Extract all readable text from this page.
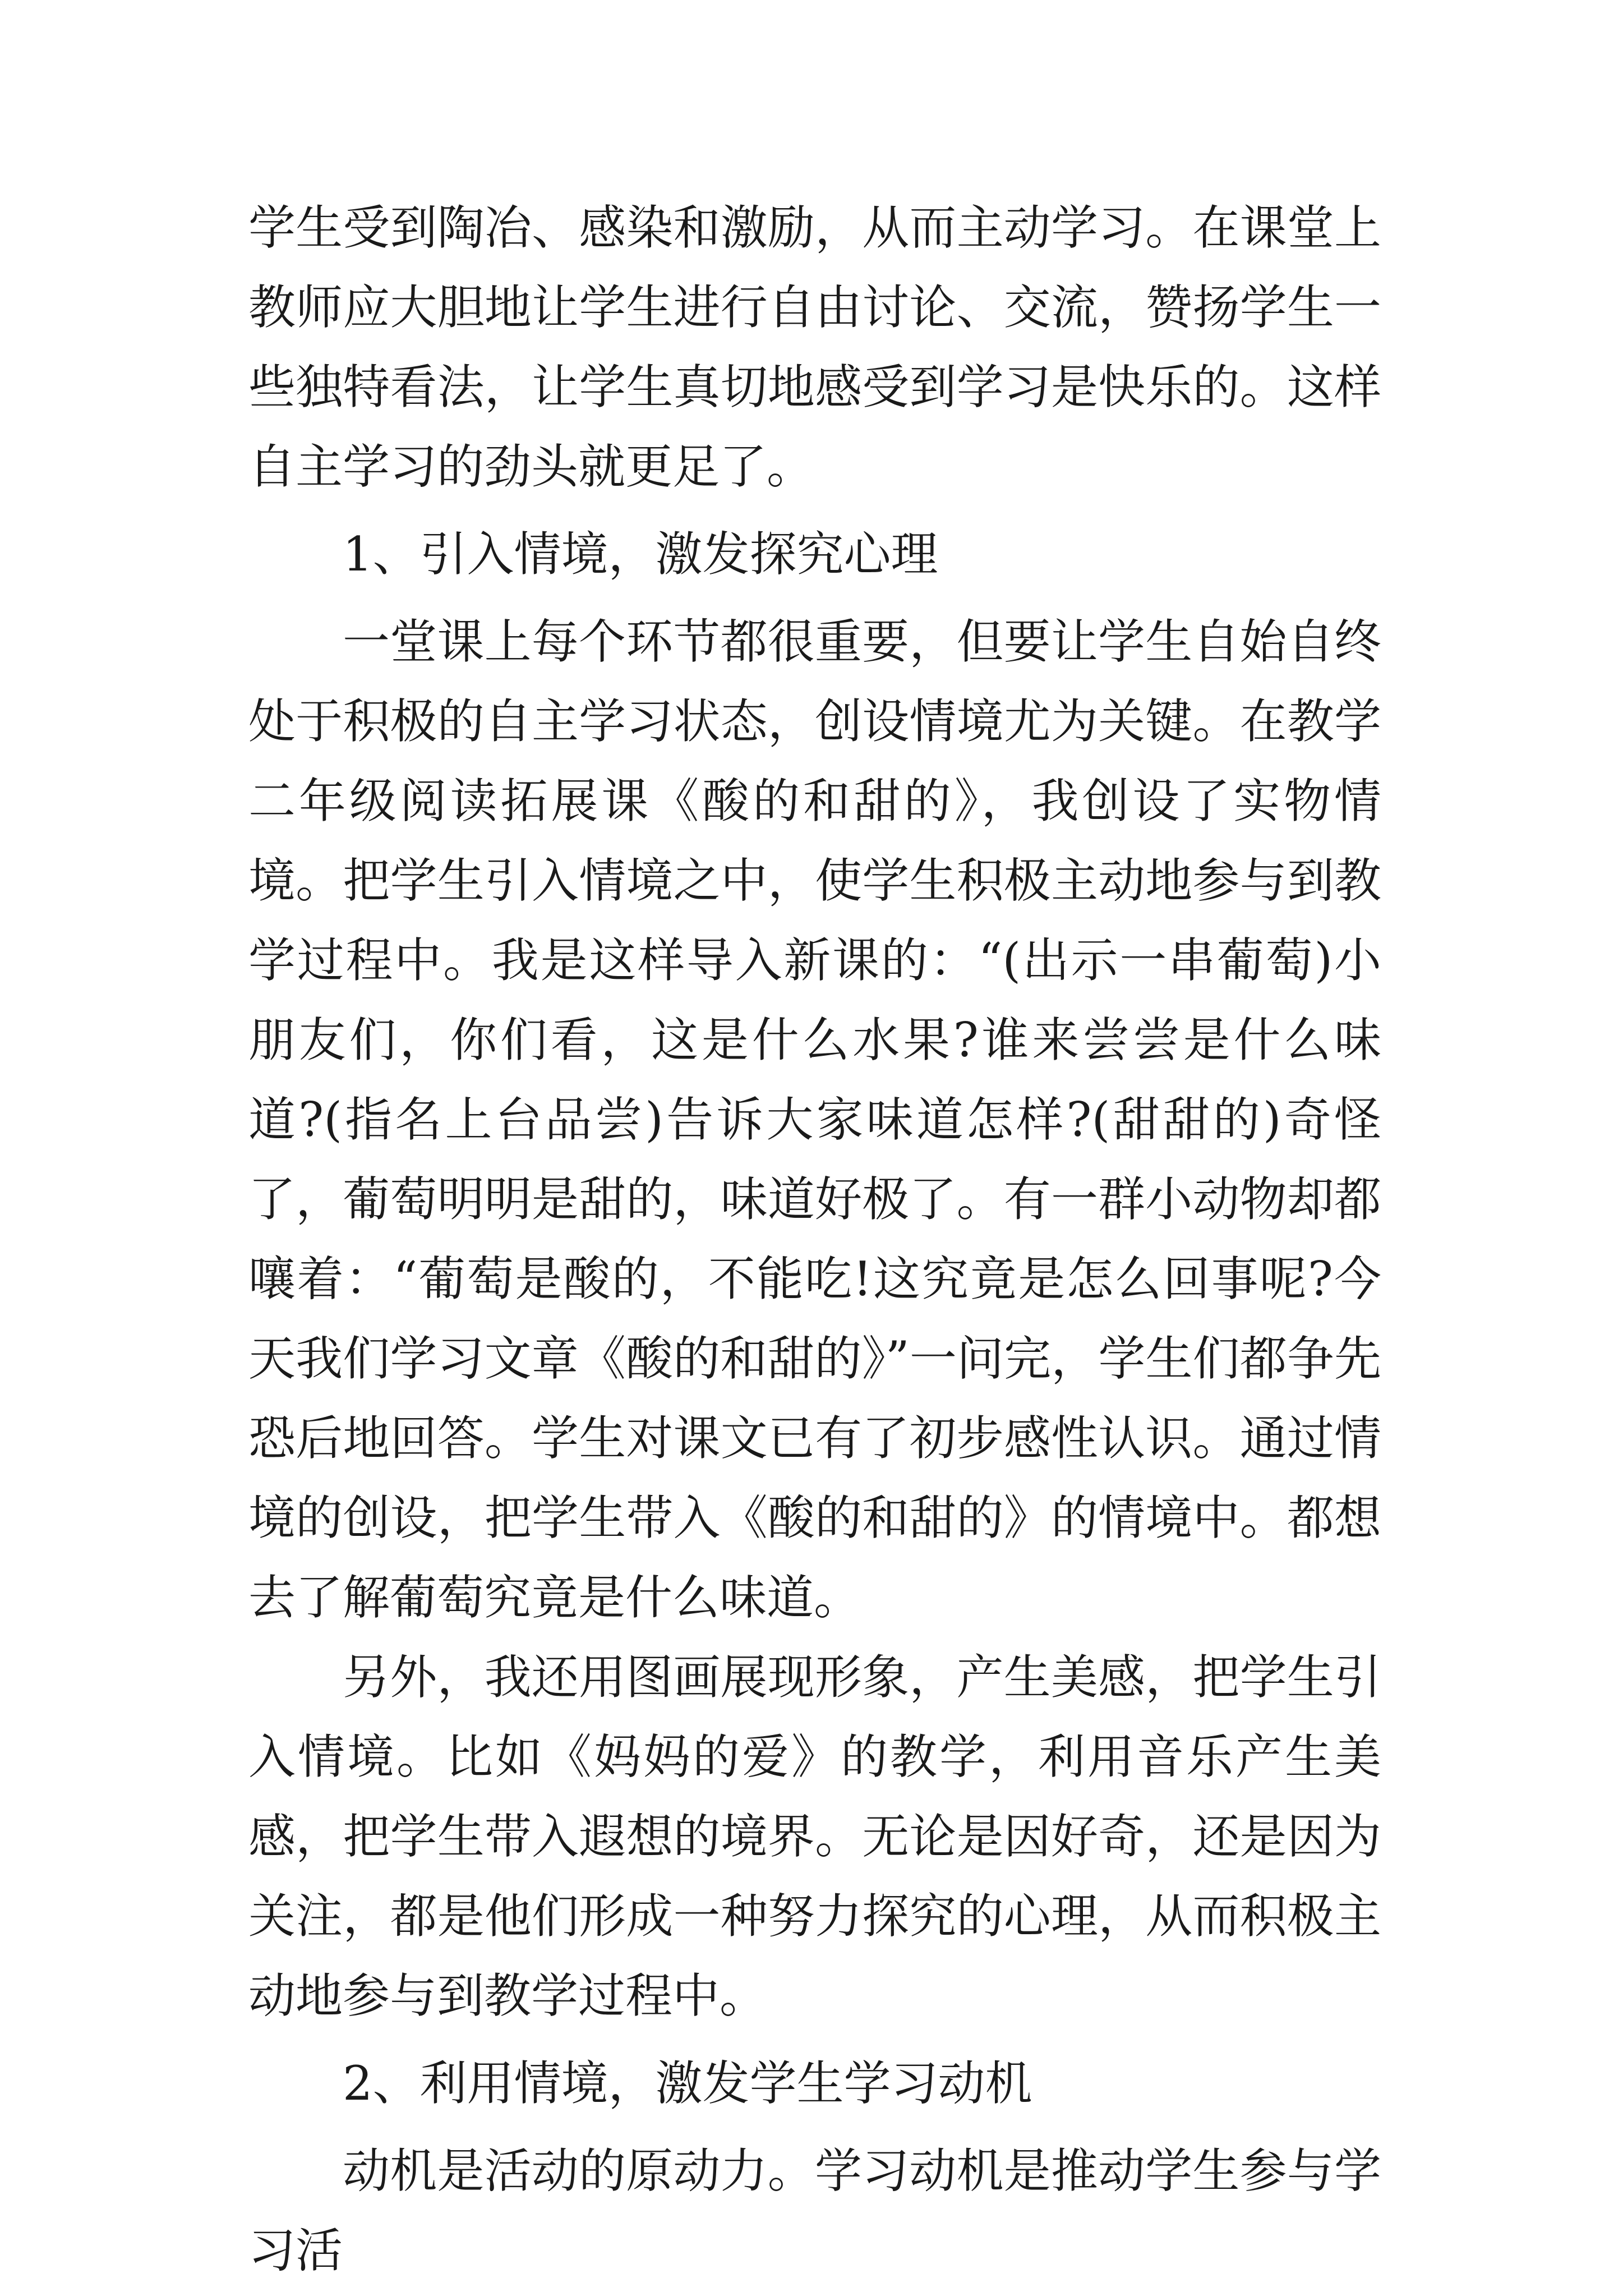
学生受到陶冶、感染和激励，从而主动学习。在课堂上教师应大胆地让学生进行自由讨论、交流，赞扬学生一些独特看法，让学生真切地感受到学习是快乐的。这样自主学习的劲头就更足了。

1、引入情境，激发探究心理

一堂课上每个环节都很重要，但要让学生自始自终处于积极的自主学习状态，创设情境尤为关键。在教学二年级阅读拓展课《酸的和甜的》，我创设了实物情境。把学生引入情境之中，使学生积极主动地参与到教学过程中。我是这样导入新课的：“(出示一串葡萄)小朋友们，你们看，这是什么水果?谁来尝尝是什么味道?(指名上台品尝)告诉大家味道怎样?(甜甜的)奇怪了，葡萄明明是甜的，味道好极了。有一群小动物却都嚷着：“葡萄是酸的，不能吃!这究竟是怎么回事呢?今天我们学习文章《酸的和甜的》”一问完，学生们都争先恐后地回答。学生对课文已有了初步感性认识。通过情境的创设，把学生带入《酸的和甜的》的情境中。都想去了解葡萄究竟是什么味道。

另外，我还用图画展现形象，产生美感，把学生引入情境。比如《妈妈的爱》的教学，利用音乐产生美感，把学生带入遐想的境界。无论是因好奇，还是因为关注，都是他们形成一种努力探究的心理，从而积极主动地参与到教学过程中。

2、利用情境，激发学生学习动机

动机是活动的原动力。学习动机是推动学生参与学习活
